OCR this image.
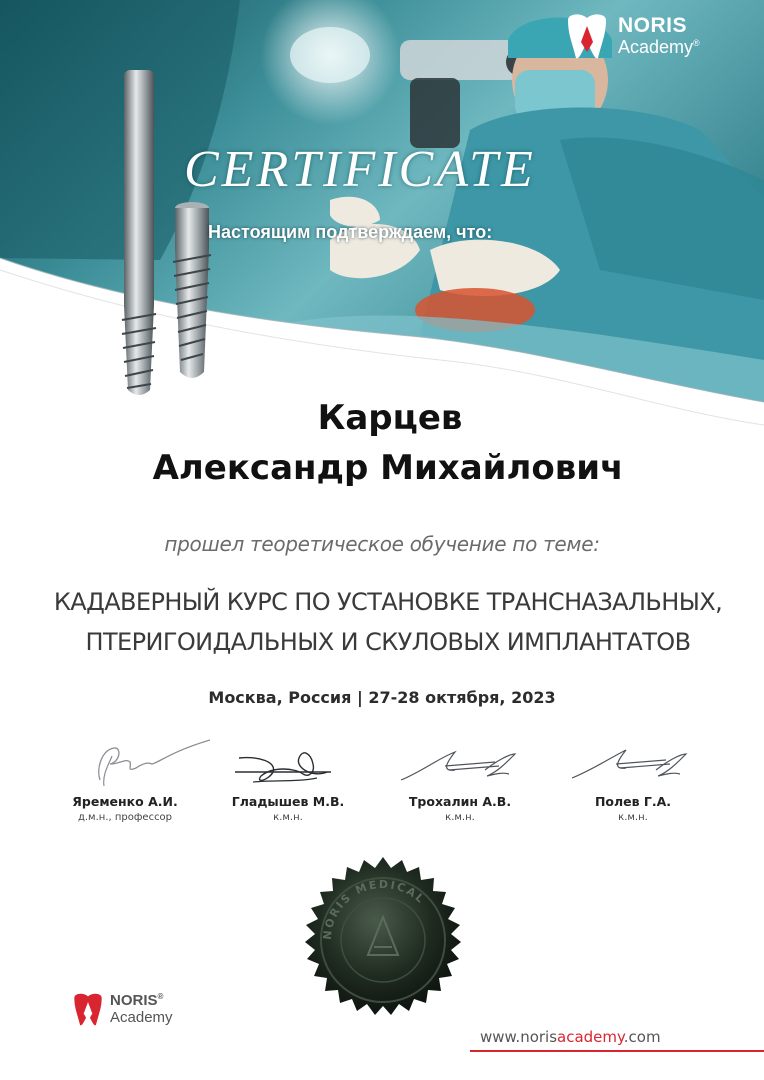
CERTIFICATE
Настоящим подтверждаем, что:
NORIS
Academy®
Карцев
Александр Михайлович
прошел теоретическое обучение по теме:
КАДАВЕРНЫЙ КУРС ПО УСТАНОВКЕ ТРАНСНАЗАЛЬНЫХ,
ПТЕРИГОИДАЛЬНЫХ И СКУЛОВЫХ ИМПЛАНТАТОВ
Москва, Россия | 27-28 октября, 2023
Яременко А.И.
д.м.н., профессор
Гладышев М.В.
к.м.н.
Трохалин А.В.
к.м.н.
Полев Г.А.
к.м.н.
NORIS MEDICAL
NORIS®
Academy
www.norisacademy.com
